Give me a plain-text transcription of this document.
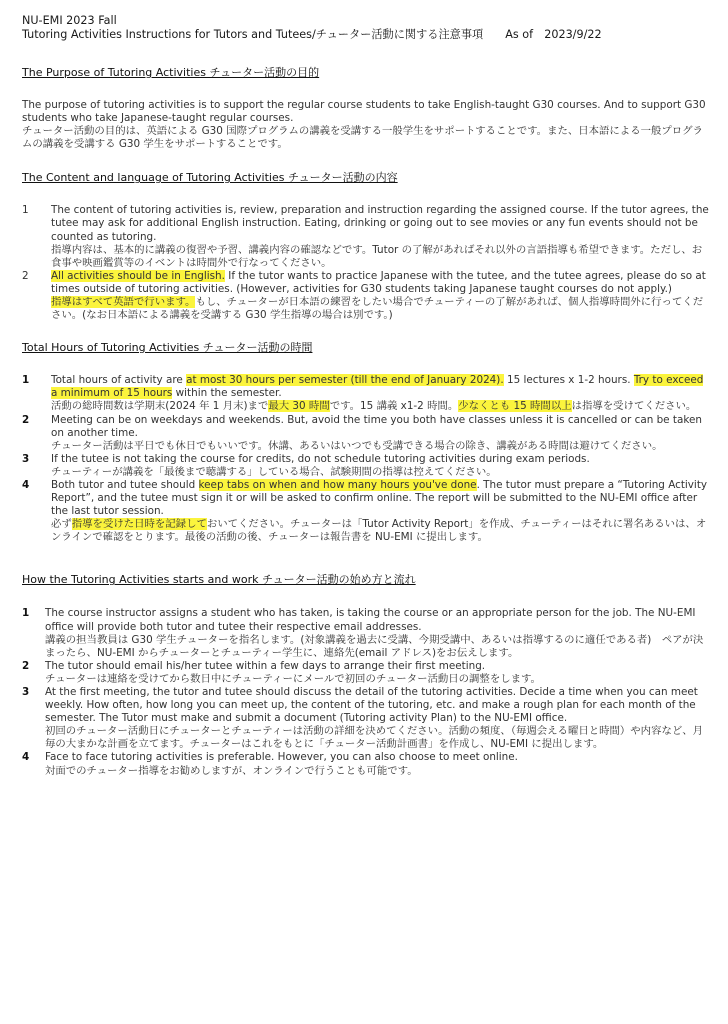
NU-EMI 2023 Fall
Tutoring Activities Instructions for Tutors and Tutees/チューター活動に関する注意事項 As of　2023/9/22
The Purpose of Tutoring Activities チューター活動の目的

The purpose of tutoring activities is to support the regular course students to take English-taught G30 courses. And to support G30 students who take Japanese-taught regular courses.

チューター活動の目的は、英語による G30 国際プログラムの講義を受講する一般学生をサポートすることです。また、日本語による一般プログラムの講義を受講する G30 学生をサポートすることです。

The Content and language of Tutoring Activities チューター活動の内容
1	The content of tutoring activities is, review, preparation and instruction regarding the assigned course. If the tutor agrees, the tutee may ask for additional English instruction. Eating, drinking or going out to see movies or any fun events should not be counted as tutoring.

指導内容は、基本的に講義の復習や予習、講義内容の確認などです。Tutor の了解があればそれ以外の言語指導も希望できます。ただし、お食事や映画鑑賞等のイベントは時間外で行なってください。

2	All activities should be in English. If the tutor wants to practice Japanese with the tutee, and the tutee agrees, please do so at times outside of tutoring activities. (However, activities for G30 students taking Japanese taught courses do not apply.)

指導はすべて英語で行います。もし、チューターが日本語の練習をしたい場合でチューティーの了解があれば、個人指導時間外に行ってください。(なお日本語による講義を受講する G30 学生指導の場合は別です。)

Total Hours of Tutoring Activities チューター活動の時間
1	Total hours of activity are at most 30 hours per semester (till the end of January 2024). 15 lectures x 1-2 hours. Try to exceed a minimum of 15 hours within the semester.

活動の総時間数は学期末(2024 年 1 月末)まで最大 30 時間です。15 講義 x1-2 時間。少なくとも 15 時間以上は指導を受けてください。

2	Meeting can be on weekdays and weekends. But, avoid the time you both have classes unless it is cancelled or can be taken on another time.

チューター活動は平日でも休日でもいいです。休講、あるいはいつでも受講できる場合の除き、講義がある時間は避けてください。

3	If the tutee is not taking the course for credits, do not schedule tutoring activities during exam periods.

チューティーが講義を「最後まで聴講する」している場合、試験期間の指導は控えてください。

4	Both tutor and tutee should keep tabs on when and how many hours you've done. The tutor must prepare a “Tutoring Activity Report”, and the tutee must sign it or will be asked to confirm online. The report will be submitted to the NU-EMI office after the last tutor session.

必ず指導を受けた日時を記録しておいてください。チューターは「Tutor Activity Report」を作成、チューティーはそれに署名あるいは、オンラインで確認をとります。最後の活動の後、チューターは報告書を NU-EMI に提出します。

How the Tutoring Activities starts and work チューター活動の始め方と流れ
1	The course instructor assigns a student who has taken, is taking the course or an appropriate person for the job. The NU-EMI office will provide both tutor and tutee their respective email addresses.

講義の担当教員は G30 学生チューターを指名します。(対象講義を過去に受講、今期受講中、あるいは指導するのに適任である者)　ペアが決まったら、NU-EMI からチューターとチューティー学生に、連絡先(email アドレス)をお伝えします。

2	The tutor should email his/her tutee within a few days to arrange their first meeting.

チューターは連絡を受けてから数日中にチューティーにメールで初回のチューター活動日の調整をします。

3	At the first meeting, the tutor and tutee should discuss the detail of the tutoring activities. Decide a time when you can meet weekly. How often, how long you can meet up, the content of the tutoring, etc. and make a rough plan for each month of the semester. The Tutor must make and submit a document (Tutoring activity Plan) to the NU-EMI office.

初回のチューター活動日にチューターとチューティーは活動の詳細を決めてください。活動の頻度、（毎週会える曜日と時間）や内容など、月毎の大まかな計画を立てます。チューターはこれをもとに「チューター活動計画書」を作成し、NU-EMI に提出します。

4	Face to face tutoring activities is preferable. However, you can also choose to meet online.

対面でのチューター指導をお勧めしますが、オンラインで行うことも可能です。
